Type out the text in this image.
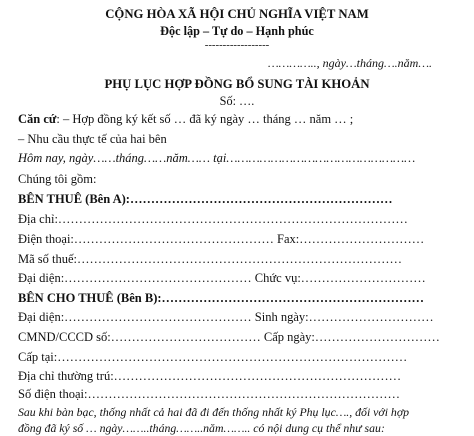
CỘNG HÒA XÃ HỘI CHỦ NGHĨA VIỆT NAM
Độc lập – Tự do – Hạnh phúc
------------------
………….., ngày…tháng….năm….
PHỤ LỤC HỢP ĐỒNG BỔ SUNG TÀI KHOẢN
Số: ….
Căn cứ: – Hợp đồng ký kết số … đã ký ngày … tháng … năm … ;
– Nhu cầu thực tế của hai bên
Hôm nay, ngày……tháng……năm…… tại……………………………………………
Chúng tôi gồm:
BÊN THUÊ (Bên A):………………………………………………………
Địa chỉ:…………………………………………………………………………
Điện thoại:………………………………………… Fax:…………………………
Mã số thuế:……………………………………………………………………
Đại diện:……………………………………… Chức vụ:…………………………
BÊN CHO THUÊ (Bên B):………………………………………………………
Đại diện:……………………………………… Sinh ngày:…………………………
CMND/CCCD số:……………………………… Cấp ngày:…………………………
Cấp tại:…………………………………………………………………………
Địa chỉ thường trú:……………………………………………………………
Số điện thoại:…………………………………………………………………
Sau khi bàn bạc, thống nhất cả hai đã đi đến thống nhất ký Phụ lục…., đối với hợp
đồng đã ký số … ngày……..tháng……..năm…….. có nội dung cụ thể như sau:
